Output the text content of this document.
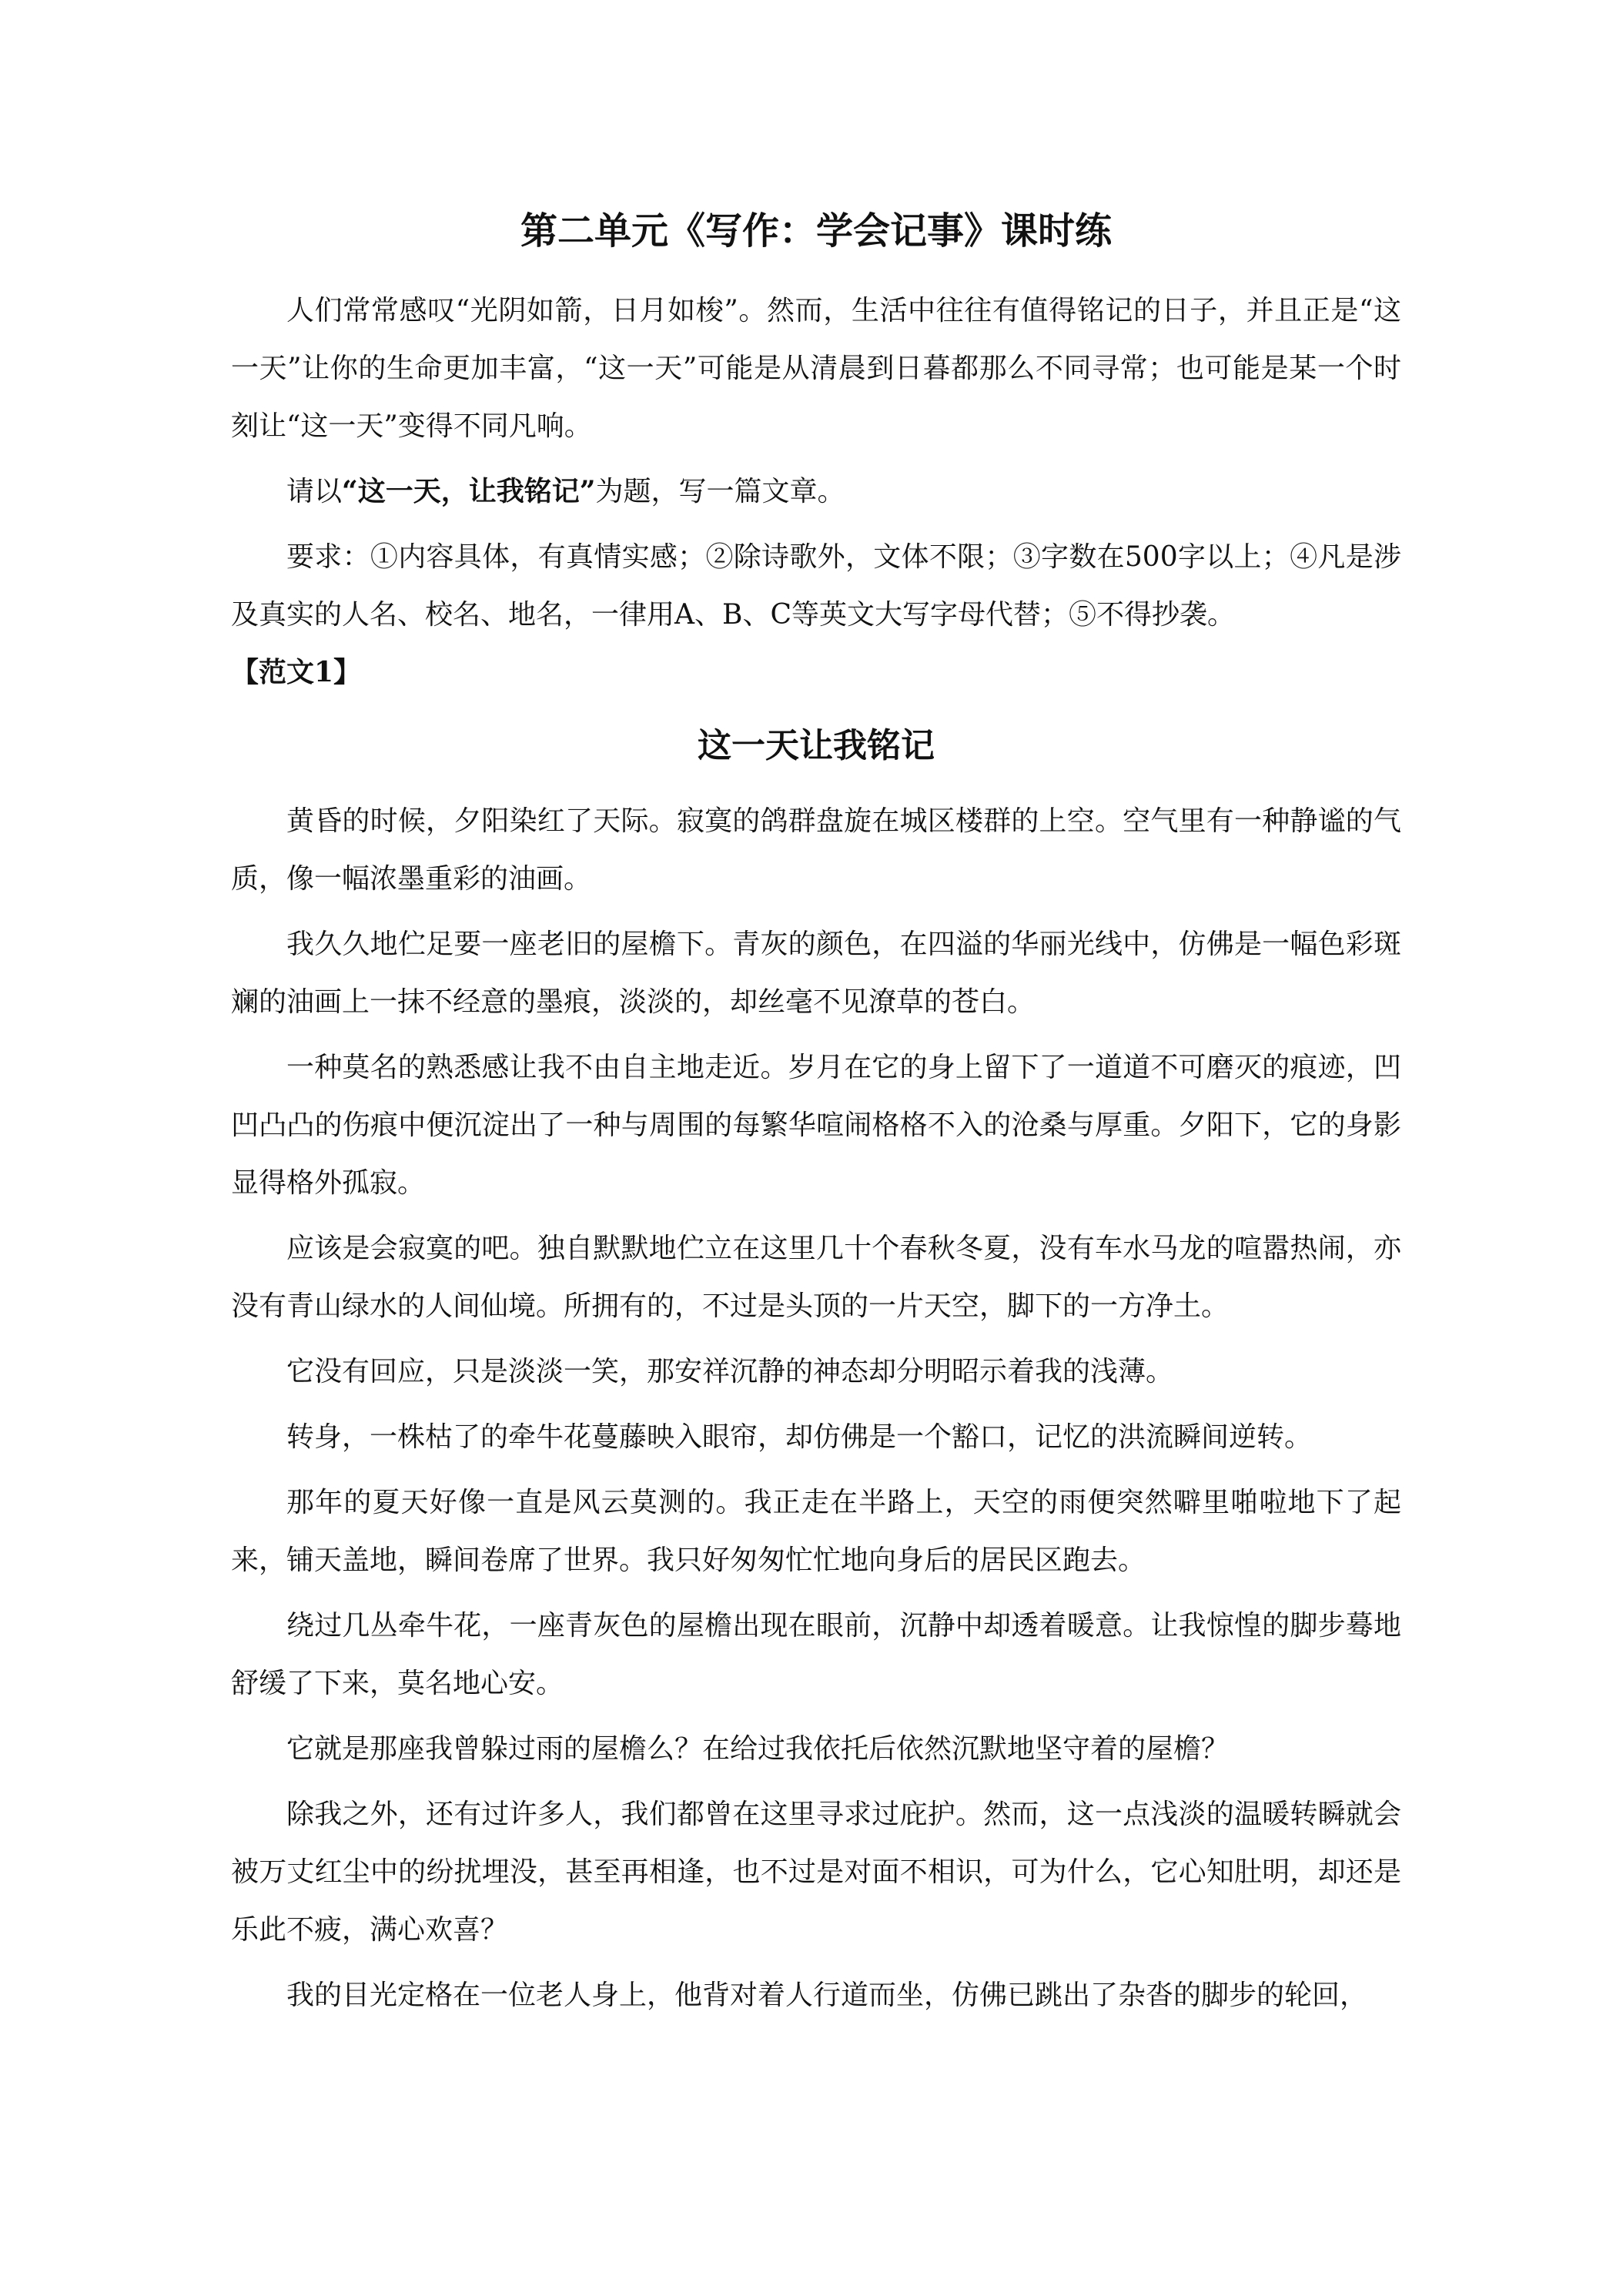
第二单元《写作：学会记事》课时练

人们常常感叹“光阴如箭，日月如梭”。然而，生活中往往有值得铭记的日子，并且正是“这一天”让你的生命更加丰富，“这一天”可能是从清晨到日暮都那么不同寻常；也可能是某一个时刻让“这一天”变得不同凡响。

请以“这一天，让我铭记”为题，写一篇文章。

要求：①内容具体，有真情实感；②除诗歌外，文体不限；③字数在500字以上；④凡是涉及真实的人名、校名、地名，一律用A、B、C等英文大写字母代替；⑤不得抄袭。

【范文1】

这一天让我铭记

黄昏的时候，夕阳染红了天际。寂寞的鸽群盘旋在城区楼群的上空。空气里有一种静谧的气质，像一幅浓墨重彩的油画。

我久久地伫足要一座老旧的屋檐下。青灰的颜色，在四溢的华丽光线中，仿佛是一幅色彩斑斓的油画上一抹不经意的墨痕，淡淡的，却丝毫不见潦草的苍白。

一种莫名的熟悉感让我不由自主地走近。岁月在它的身上留下了一道道不可磨灭的痕迹，凹凹凸凸的伤痕中便沉淀出了一种与周围的每繁华喧闹格格不入的沧桑与厚重。夕阳下，它的身影显得格外孤寂。

应该是会寂寞的吧。独自默默地伫立在这里几十个春秋冬夏，没有车水马龙的喧嚣热闹，亦没有青山绿水的人间仙境。所拥有的，不过是头顶的一片天空，脚下的一方净土。

它没有回应，只是淡淡一笑，那安祥沉静的神态却分明昭示着我的浅薄。

转身，一株枯了的牵牛花蔓藤映入眼帘，却仿佛是一个豁口，记忆的洪流瞬间逆转。

那年的夏天好像一直是风云莫测的。我正走在半路上，天空的雨便突然噼里啪啦地下了起来，铺天盖地，瞬间卷席了世界。我只好匆匆忙忙地向身后的居民区跑去。

绕过几丛牵牛花，一座青灰色的屋檐出现在眼前，沉静中却透着暖意。让我惊惶的脚步蓦地舒缓了下来，莫名地心安。

它就是那座我曾躲过雨的屋檐么？在给过我依托后依然沉默地坚守着的屋檐？

除我之外，还有过许多人，我们都曾在这里寻求过庇护。然而，这一点浅淡的温暖转瞬就会被万丈红尘中的纷扰埋没，甚至再相逢，也不过是对面不相识，可为什么，它心知肚明，却还是乐此不疲，满心欢喜？

我的目光定格在一位老人身上，他背对着人行道而坐，仿佛已跳出了杂沓的脚步的轮回，
